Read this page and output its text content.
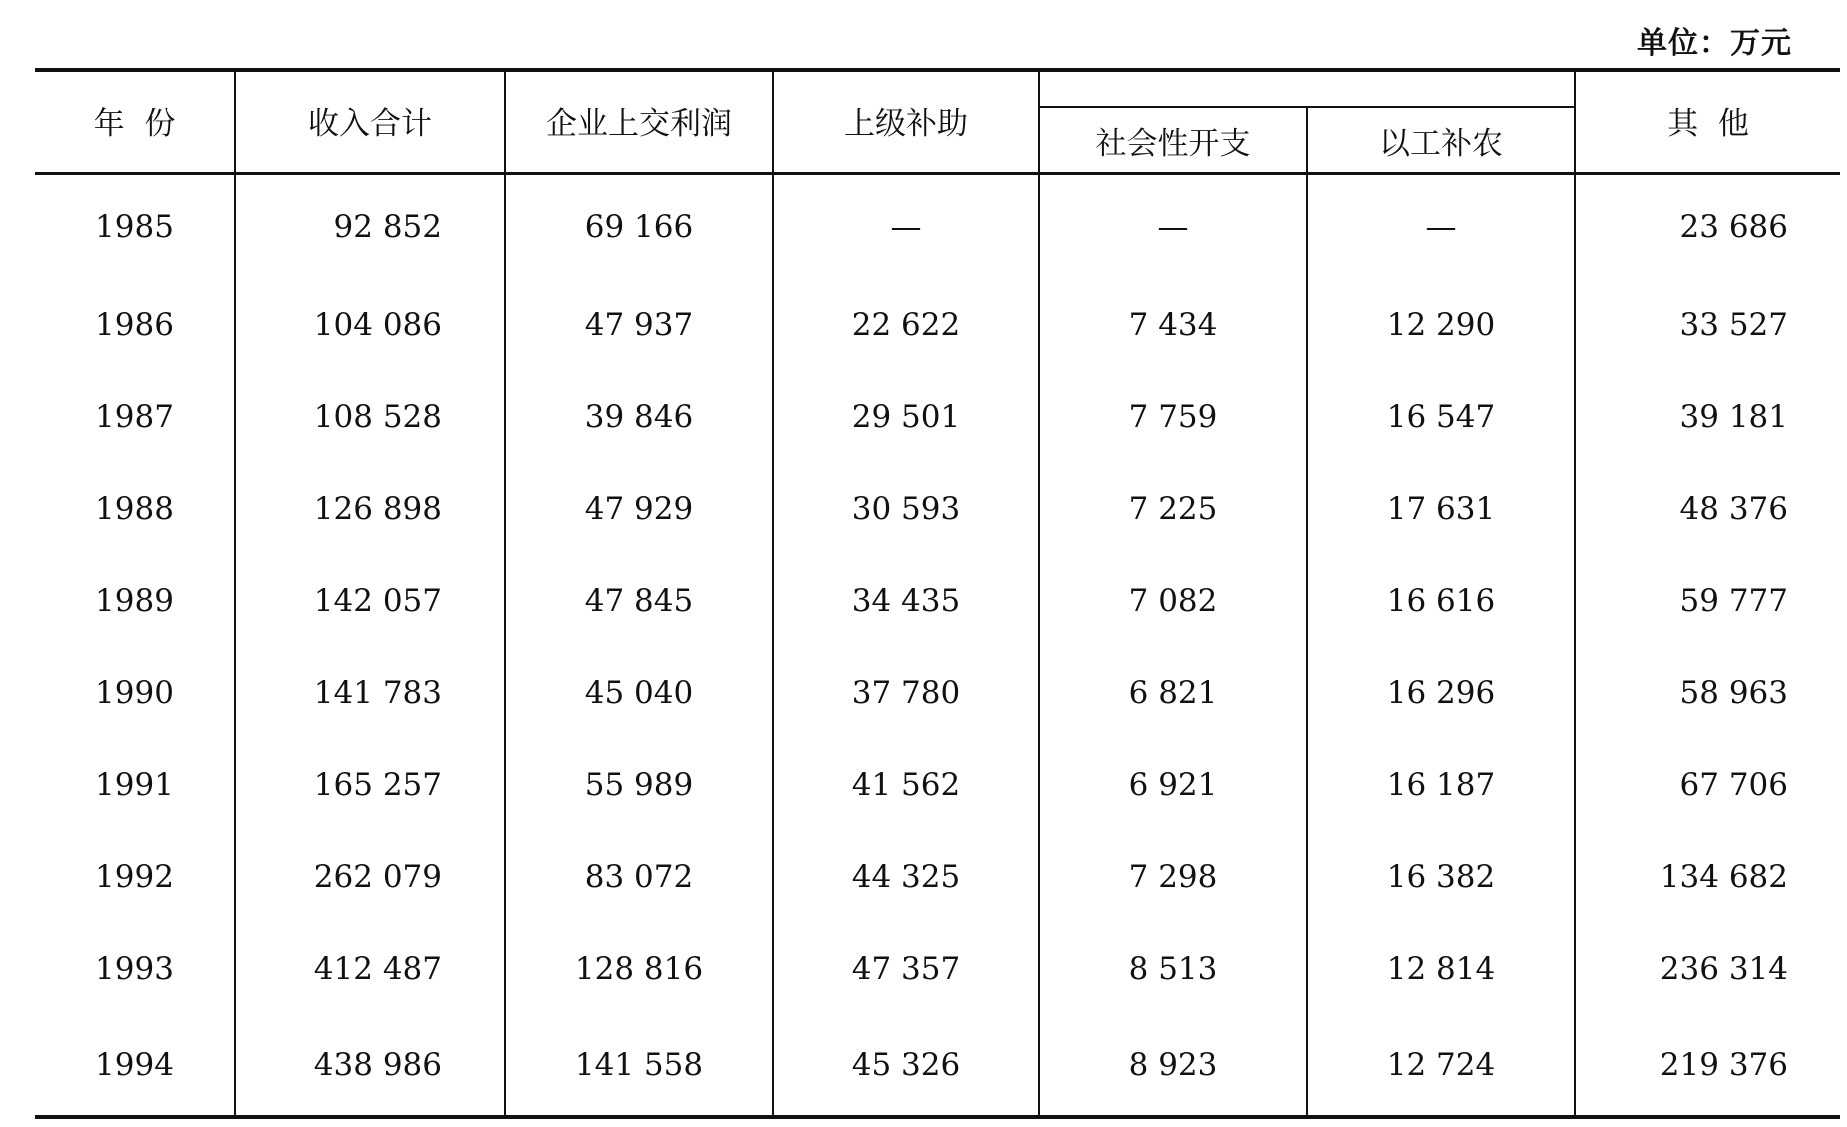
单位：万元
年  份	收入合计	企业上交利润	上级补助			其  他
				社会性开支	以工补农	
1985	92 852	69 166	—	—	—	23 686
1986	104 086	47 937	22 622	7 434	12 290	33 527
1987	108 528	39 846	29 501	7 759	16 547	39 181
1988	126 898	47 929	30 593	7 225	17 631	48 376
1989	142 057	47 845	34 435	7 082	16 616	59 777
1990	141 783	45 040	37 780	6 821	16 296	58 963
1991	165 257	55 989	41 562	6 921	16 187	67 706
1992	262 079	83 072	44 325	7 298	16 382	134 682
1993	412 487	128 816	47 357	8 513	12 814	236 314
1994	438 986	141 558	45 326	8 923	12 724	219 376
